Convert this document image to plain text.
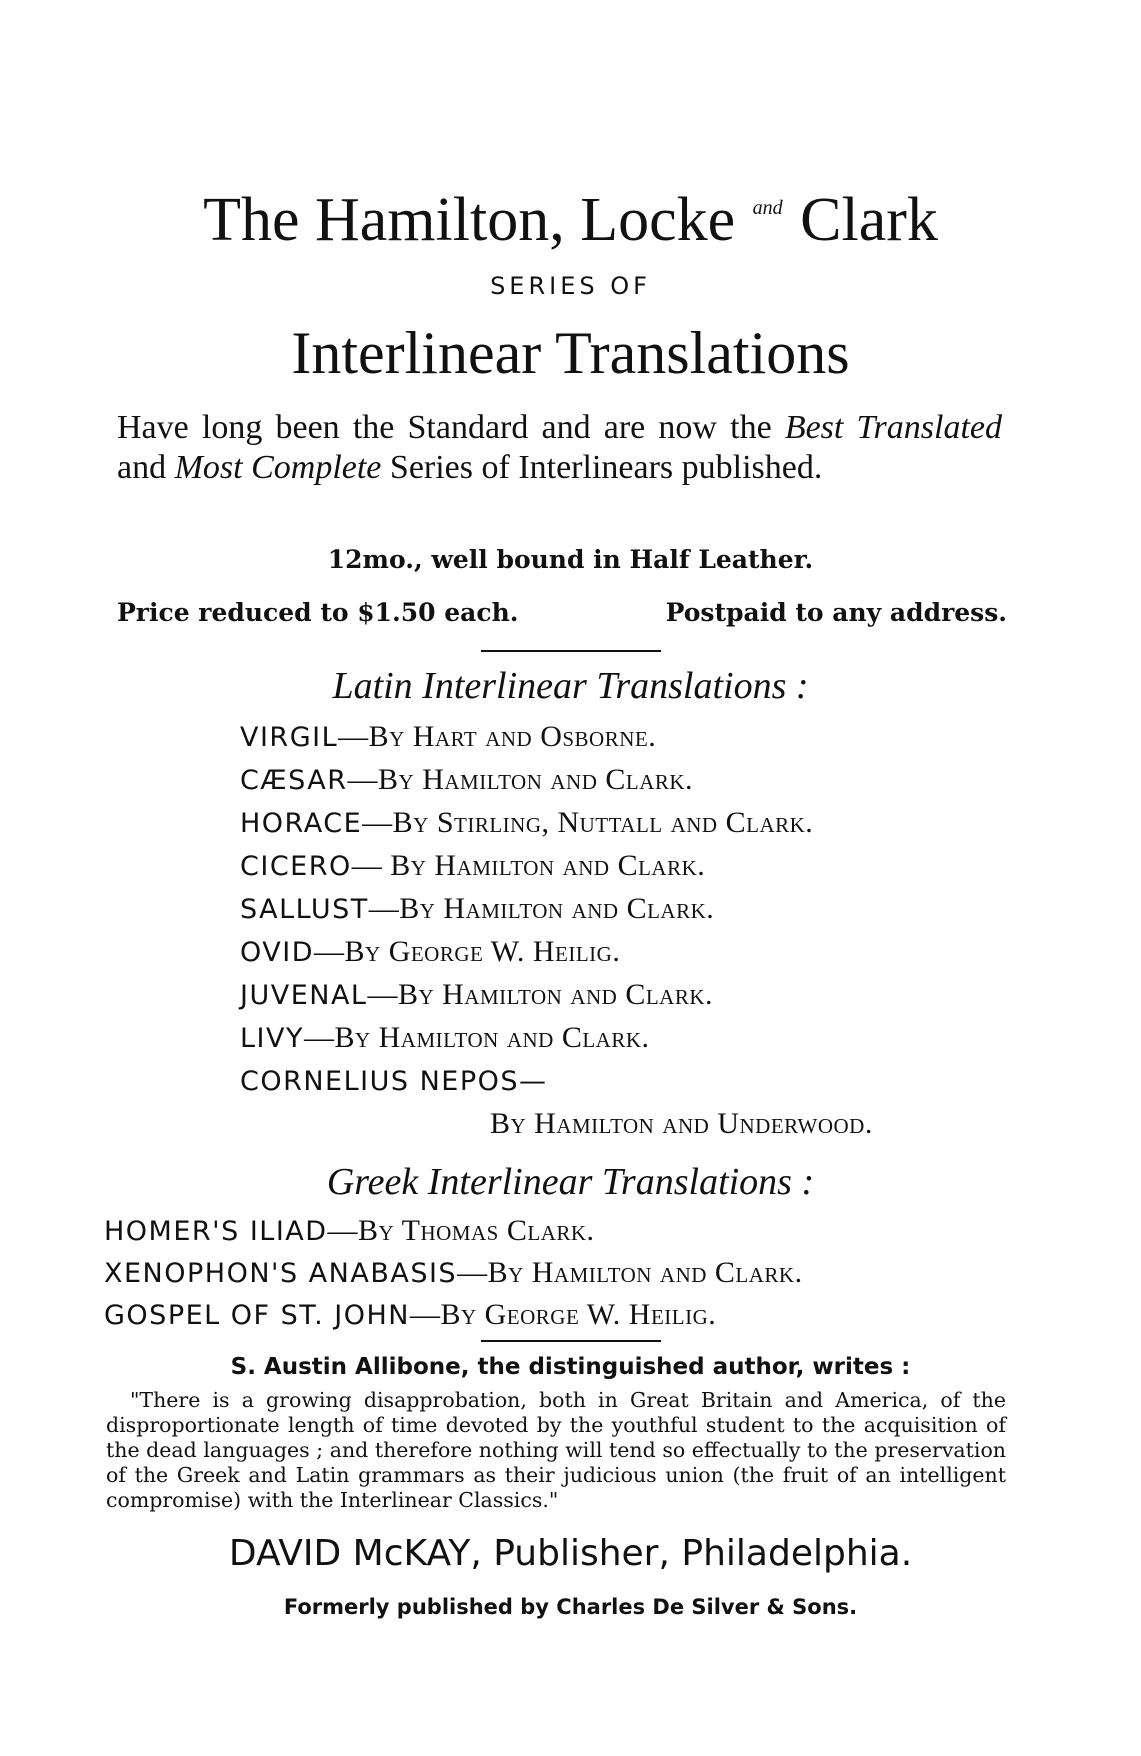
The Hamilton, Locke $^{and}$ Clark
SERIES OF
Interlinear Translations
Have long been the Standard and are now the Best Translated and Most Complete Series of Interlinears published.
12mo., well bound in Half Leather.
Price reduced to $1.50 each.	Postpaid to any address.
Latin Interlinear Translations :
VIRGIL—By Hart and Osborne.
CÆSAR—By Hamilton and Clark.
HORACE—By Stirling, Nuttall and Clark.
CICERO— By Hamilton and Clark.
SALLUST—By Hamilton and Clark.
OVID—By George W. Heilig.
JUVENAL—By Hamilton and Clark.
LIVY—By Hamilton and Clark.
CORNELIUS NEPOS—
By Hamilton and Underwood.
Greek Interlinear Translations :
HOMER'S ILIAD—By Thomas Clark.
XENOPHON'S ANABASIS—By Hamilton and Clark.
GOSPEL OF ST. JOHN—By George W. Heilig.
S. Austin Allibone, the distinguished author, writes :
"There is a growing disapprobation, both in Great Britain and America, of the disproportionate length of time devoted by the youthful student to the acquisition of the dead languages ; and therefore nothing will tend so effectually to the preservation of the Greek and Latin grammars as their judicious union (the fruit of an intelligent compromise) with the Interlinear Classics."
DAVID McKAY, Publisher, Philadelphia.
Formerly published by Charles De Silver & Sons.
